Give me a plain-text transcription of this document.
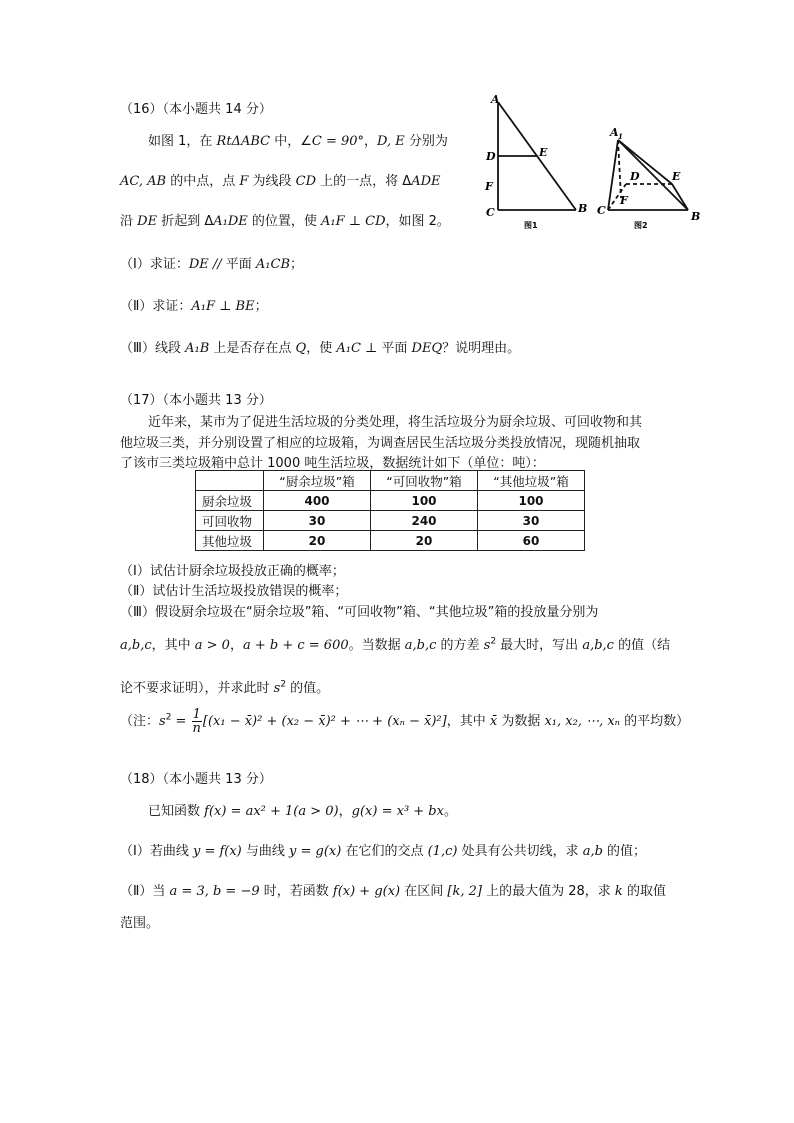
（16）（本小题共 14 分）
如图 1，在 RtΔABC 中，∠C = 90°，D, E 分别为
AC, AB 的中点，点 F 为线段 CD 上的一点，将 ΔADE
沿 DE 折起到 ΔA₁DE 的位置，使 A₁F ⊥ CD，如图 2。
（Ⅰ）求证：DE // 平面 A₁CB；
（Ⅱ）求证：A₁F ⊥ BE；
（Ⅲ）线段 A₁B 上是否存在点 Q，使 A₁C ⊥ 平面 DEQ？说明理由。
A
D	E
F
C	B
图1
A 1
D	E
F
C	B
图2
（17）（本小题共 13 分）
近年来，某市为了促进生活垃圾的分类处理，将生活垃圾分为厨余垃圾、可回收物和其
他垃圾三类，并分别设置了相应的垃圾箱，为调查居民生活垃圾分类投放情况，现随机抽取
了该市三类垃圾箱中总计 1000 吨生活垃圾，数据统计如下（单位：吨）：
	“厨余垃圾”箱	“可回收物”箱	“其他垃圾”箱
厨余垃圾	400	100	100
可回收物	30	240	30
其他垃圾	20	20	60
（Ⅰ）试估计厨余垃圾投放正确的概率；
（Ⅱ）试估计生活垃圾投放错误的概率；
（Ⅲ）假设厨余垃圾在“厨余垃圾”箱、“可回收物”箱、“其他垃圾”箱的投放量分别为
a,b,c，其中 a > 0，a + b + c = 600。当数据 a,b,c 的方差 $s^2$ 最大时，写出 a,b,c 的值（结
论不要求证明），并求此时 $s^2$ 的值。
（注：$s^2 = \frac{1}{n} [(x_1$ − x̄)² + (x₂ − x̄)² + ⋯ + (xₙ − x̄)²]，其中 x̄ 为数据 x₁, x₂, ⋯, xₙ 的平均数）
（18）（本小题共 13 分）
已知函数 f(x) = ax² + 1(a > 0)，g(x) = x³ + bx。
（Ⅰ）若曲线 y = f(x) 与曲线 y = g(x) 在它们的交点 (1,c) 处具有公共切线，求 a,b 的值；
（Ⅱ）当 a = 3, b = −9 时，若函数 f(x) + g(x) 在区间 [k, 2] 上的最大值为 28，求 k 的取值
范围。
